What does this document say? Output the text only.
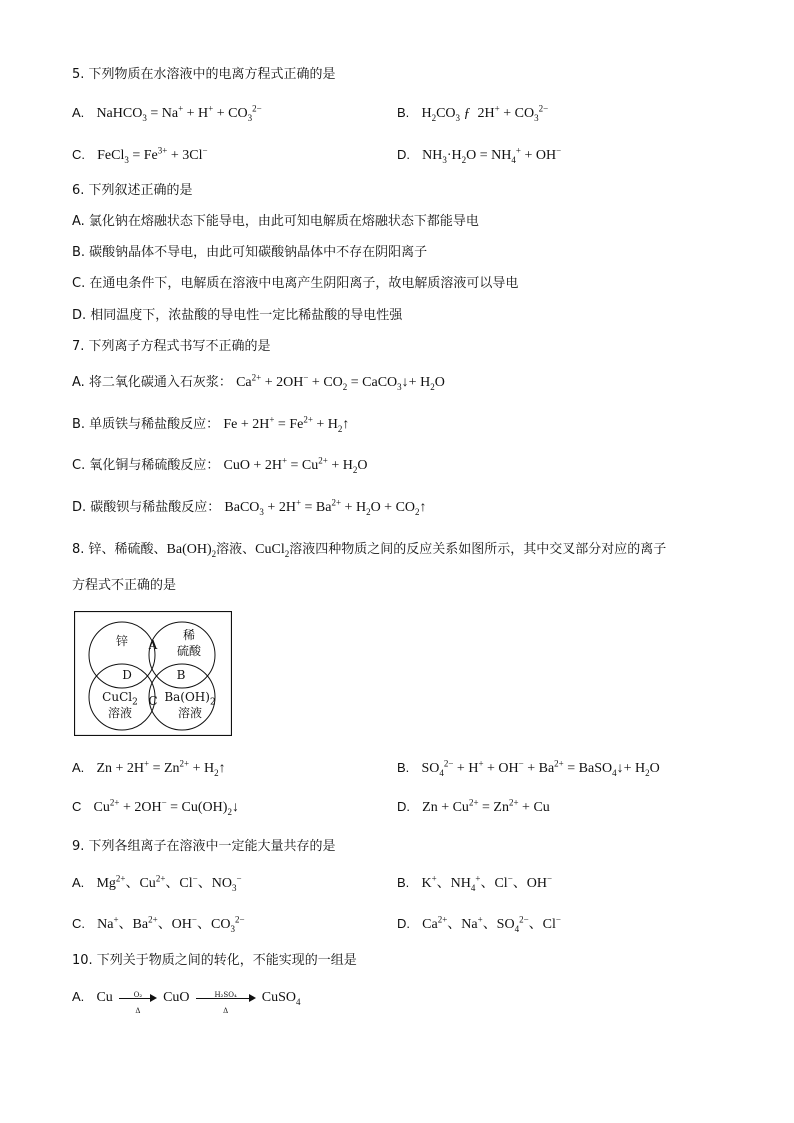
5. 下列物质在水溶液中的电离方程式正确的是
A. NaHCO$_3$ = $Na^+ + H^+ + CO_3^{2-}$	B. $H_2CO_3$ ƒ  $2H^+ + CO_3^{2-}$
C. FeCl$_3$ = $Fe^{3+} + 3Cl^-$	D. $NH_3\cdot H_2O = NH_4^+ + OH^-$
6. 下列叙述正确的是
A. 氯化钠在熔融状态下能导电，由此可知电解质在熔融状态下都能导电
B. 碳酸钠晶体不导电，由此可知碳酸钠晶体中不存在阴阳离子
C. 在通电条件下，电解质在溶液中电离产生阴阳离子，故电解质溶液可以导电
D. 相同温度下，浓盐酸的导电性一定比稀盐酸的导电性强
7. 下列离子方程式书写不正确的是
A. 将二氧化碳通入石灰浆： $Ca^{2+} + 2OH^- + CO_2$ = CaCO$_3$↓+ $H_2O$
B. 单质铁与稀盐酸反应： $Fe + 2H^+ = Fe^{2+}$ + $H_2↑$
C. 氧化铜与稀硫酸反应： CuO + $2H^+ = Cu^{2+} + H_2O$
D. 碳酸钡与稀盐酸反应： BaCO$_3$ + $2H^+ = Ba^{2+} + H_2O$ + $CO_2↑$
8. 锌、稀硫酸、$Ba(OH)_2$溶液、CuCl$_2$溶液四种物质之间的反应关系如图所示，其中交叉部分对应的离子
方程式不正确的是
锌	稀
硫酸
A
D	B
C
CuCl$_2$
溶液
$Ba(OH)_2$
溶液
A. $Zn + 2H^+ = Zn^{2+}$ + $H_2↑$	B. $SO_4^{2-} + H^+ + OH^- + Ba^{2+}$ = BaSO$_4$↓+ $H_2O$
C $Cu^{2+} + 2OH^-$ = $Cu(OH)_2↓$	D. $Zn + Cu^{2+} = Zn^{2+} + Cu$
9. 下列各组离子在溶液中一定能大量共存的是
A. $Mg^{2+}$、$Cu^{2+}$、Cl−、$NO_3^-$	B. K+、$NH_4^+$、Cl−、OH−
C. Na+、$Ba^{2+}$、OH−、$CO_3^{2-}$	D. $Ca^{2+}$、Na+、$SO_4^{2-}$、Cl−
10. 下列关于物质之间的转化，不能实现的一组是
A. Cu $\frac{\text{O₂}}{\Delta}$ CuO $\frac{\text{H₂SO₄}}{\Delta}$ CuSO$_4$
